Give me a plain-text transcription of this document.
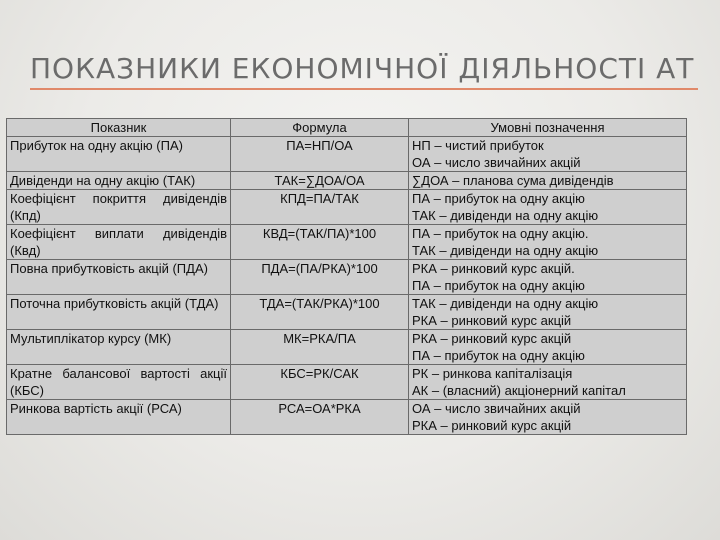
ПОКАЗНИКИ ЕКОНОМІЧНОЇ ДІЯЛЬНОСТІ АТ
Показник	Формула	Умовні позначення
Прибуток на одну акцію (ПА)	ПА=НП/ОА	НП – чистий прибуток
ОА – число звичайних акцій

Дивіденди на одну акцію (ТАК)	ТАК=∑ДОА/ОА	∑ДОА – планова сума дивідендів

Коефіцієнт покриття дивідендів (Кпд)	КПД=ПА/ТАК	ПА – прибуток на одну акцію
ТАК – дивіденди на одну акцію

Коефіцієнт виплати дивідендів (Квд)	КВД=(ТАК/ПА)*100	ПА – прибуток на одну акцію.
ТАК – дивіденди на одну акцію

Повна прибутковість акцій (ПДА)	ПДА=(ПА/РКА)*100	РКА – ринковий курс акцій.
ПА – прибуток на одну акцію

Поточна прибутковість акцій (ТДА)	ТДА=(ТАК/РКА)*100	ТАК – дивіденди на одну акцію
РКА – ринковий курс акцій

Мультиплікатор курсу (МК)	МК=РКА/ПА	РКА – ринковий курс акцій
ПА – прибуток на одну акцію

Кратне балансової вартості акції (КБС)	КБС=РК/САК	РК – ринкова капіталізація
АК – (власний) акціонерний капітал

Ринкова вартість акції (РСА)	РСА=ОА*РКА	ОА – число звичайних акцій
РКА – ринковий курс акцій
